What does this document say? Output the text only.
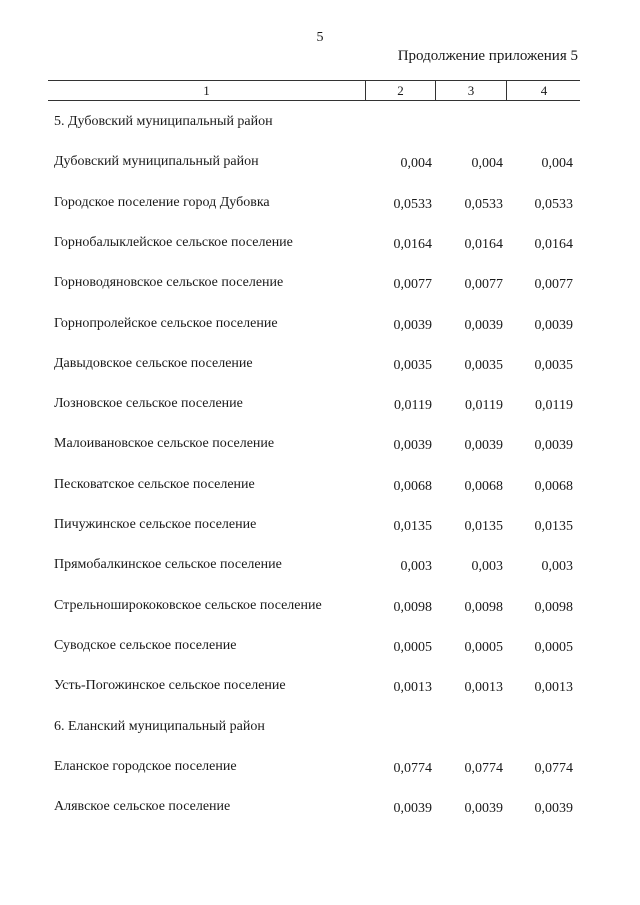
5
Продолжение приложения 5
1	2	3	4
5. Дубовский муниципальный район
Дубовский муниципальный район	0,004	0,004	0,004
Городское поселение город Дубовка	0,0533	0,0533	0,0533
Горнобалыклейское сельское поселение	0,0164	0,0164	0,0164
Горноводяновское сельское поселение	0,0077	0,0077	0,0077
Горнопролейское сельское поселение	0,0039	0,0039	0,0039
Давыдовское сельское поселение	0,0035	0,0035	0,0035
Лозновское сельское поселение	0,0119	0,0119	0,0119
Малоивановское сельское поселение	0,0039	0,0039	0,0039
Песковатское сельское поселение	0,0068	0,0068	0,0068
Пичужинское сельское поселение	0,0135	0,0135	0,0135
Прямобалкинское сельское поселение	0,003	0,003	0,003
Стрельноширококовское сельское поселение	0,0098	0,0098	0,0098
Суводское сельское поселение	0,0005	0,0005	0,0005
Усть-Погожинское сельское поселение	0,0013	0,0013	0,0013
6. Еланский муниципальный район
Еланское городское поселение	0,0774	0,0774	0,0774
Алявское сельское поселение	0,0039	0,0039	0,0039
